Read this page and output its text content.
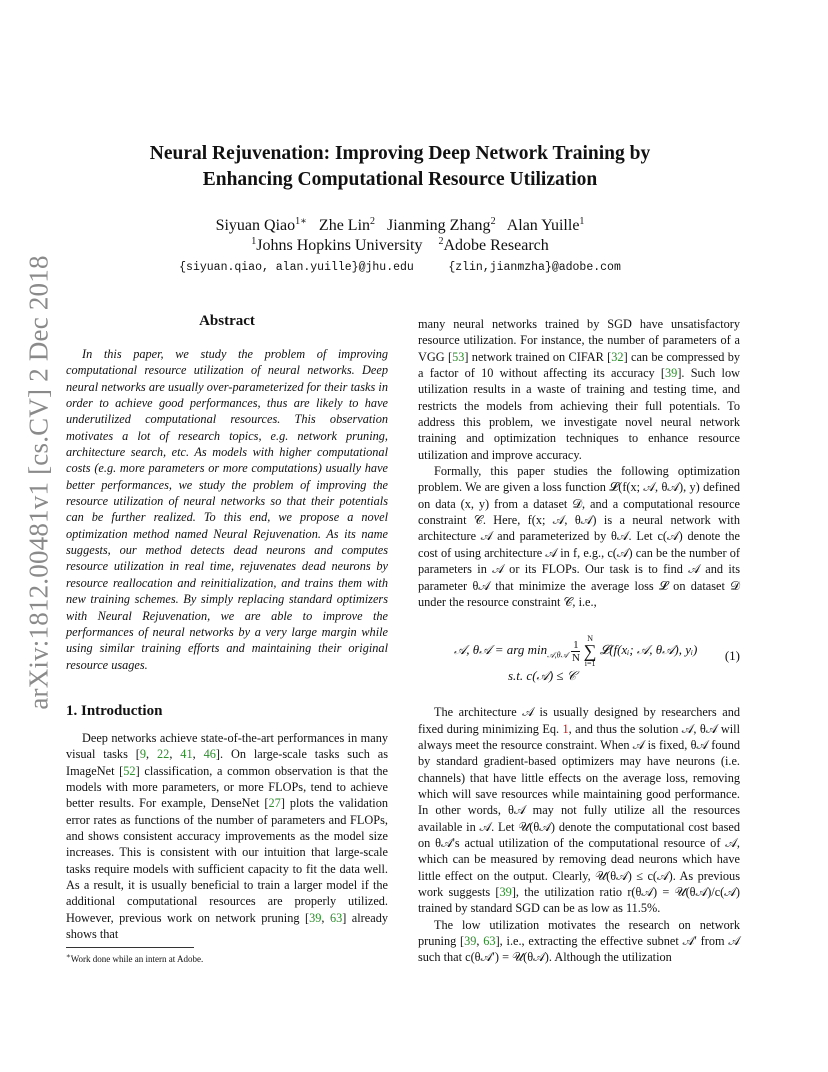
arXiv:1812.00481v1 [cs.CV] 2 Dec 2018
Neural Rejuvenation: Improving Deep Network Training by
Enhancing Computational Resource Utilization
Siyuan Qiao$^{1∗}$ Zhe Lin$^2$ Jianming Zhang$^2$ Alan Yuille$^1$
$^1$Johns Hopkins University $^2$Adobe Research
{siyuan.qiao, alan.yuille}@jhu.edu	{zlin,jianmzha}@adobe.com
Abstract

In this paper, we study the problem of improving computational resource utilization of neural networks. Deep neural networks are usually over-parameterized for their tasks in order to achieve good performances, thus are likely to have underutilized computational resources. This observation motivates a lot of research topics, e.g. network pruning, architecture search, etc. As models with higher computational costs (e.g. more parameters or more computations) usually have better performances, we study the problem of improving the resource utilization of neural networks so that their potentials can be further realized. To this end, we propose a novel optimization method named Neural Rejuvenation. As its name suggests, our method detects dead neurons and computes resource utilization in real time, rejuvenates dead neurons by resource reallocation and reinitialization, and trains them with new training schemes. By simply replacing standard optimizers with Neural Rejuvenation, we are able to improve the performances of neural networks by a very large margin while using similar training efforts and maintaining their original resource usages.

1. Introduction

Deep networks achieve state-of-the-art performances in many visual tasks [9, 22, 41, 46]. On large-scale tasks such as ImageNet [52] classification, a common observation is that the models with more parameters, or more FLOPs, tend to achieve better results. For example, DenseNet [27] plots the validation error rates as functions of the number of parameters and FLOPs, and shows consistent accuracy improvements as the model size increases. This is consistent with our intuition that large-scale tasks require models with sufficient capacity to fit the data well. As a result, it is usually beneficial to train a larger model if the additional computational resources are properly utilized. However, previous work on network pruning [39, 63] already shows that

∗Work done while an intern at Adobe.

many neural networks trained by SGD have unsatisfactory resource utilization. For instance, the number of parameters of a VGG [53] network trained on CIFAR [32] can be compressed by a factor of 10 without affecting its accuracy [39]. Such low utilization results in a waste of training and testing time, and restricts the models from achieving their full potentials. To address this problem, we investigate novel neural network training and optimization techniques to enhance resource utilization and improve accuracy.

Formally, this paper studies the following optimization problem. We are given a loss function 𝓛(f(x; 𝒜, θ𝒜), y) defined on data (x, y) from a dataset 𝒟, and a computational resource constraint 𝒞. Here, f(x; 𝒜, θ𝒜) is a neural network with architecture 𝒜 and parameterized by θ𝒜. Let c(𝒜) denote the cost of using architecture 𝒜 in f, e.g., c(𝒜) can be the number of parameters in 𝒜 or its FLOPs. Our task is to find 𝒜 and its parameter θ𝒜 that minimize the average loss 𝓛 on dataset 𝒟 under the resource constraint 𝒞, i.e.,

𝒜, θ𝒜 = arg $\min_{𝒜,\theta 𝒜} \frac{1}{N}$ N
∑
i=1 𝓛(f(xᵢ; 𝒜, θ𝒜), yᵢ)
s.t. c(𝒜) ≤ 𝒞
(1)

The architecture 𝒜 is usually designed by researchers and fixed during minimizing Eq. 1, and thus the solution 𝒜, θ𝒜 will always meet the resource constraint. When 𝒜 is fixed, θ𝒜 found by standard gradient-based optimizers may have neurons (i.e. channels) that have little effects on the average loss, removing which will save resources while maintaining good performance. In other words, θ𝒜 may not fully utilize all the resources available in 𝒜. Let 𝒰(θ𝒜) denote the computational cost based on θ𝒜's actual utilization of the computational resource of 𝒜, which can be measured by removing dead neurons which have little effect on the output. Clearly, 𝒰(θ𝒜) ≤ c(𝒜). As previous work suggests [39], the utilization ratio r(θ𝒜) = 𝒰(θ𝒜)/c(𝒜) trained by standard SGD can be as low as 11.5%.

The low utilization motivates the research on network pruning [39, 63], i.e., extracting the effective subnet 𝒜′ from 𝒜 such that c(θ𝒜′) = 𝒰(θ𝒜). Although the utilization
